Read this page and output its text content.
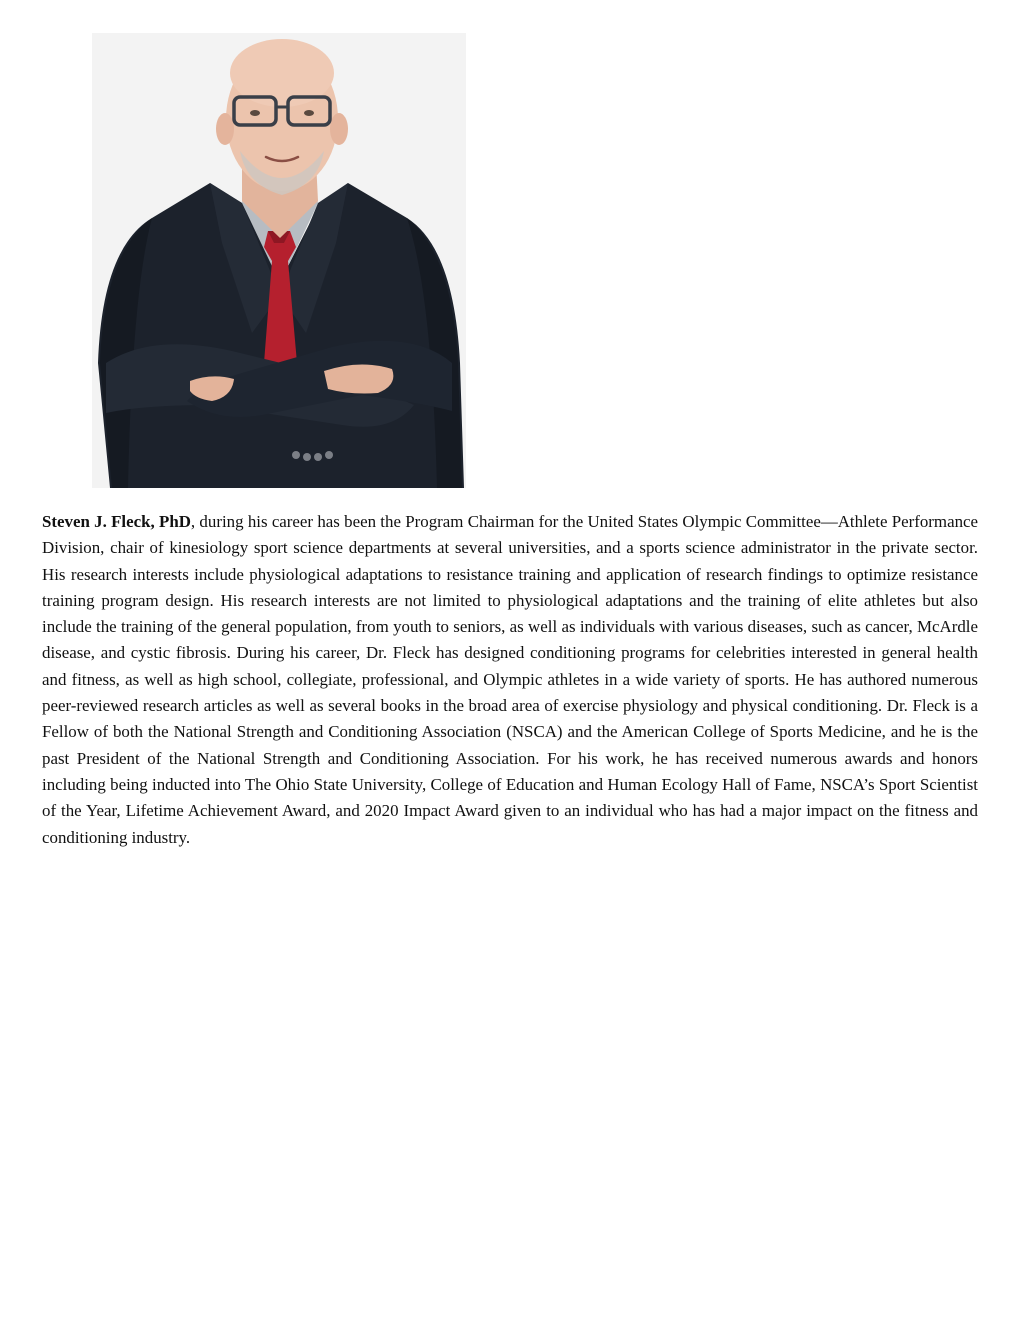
Steven J. Fleck, PhD, during his career has been the Program Chairman for the United States Olympic Committee—Athlete Performance Division, chair of kinesiology sport science departments at several universities, and a sports science administrator in the private sector. His research interests include physiological adaptations to resistance training and application of research findings to optimize resistance training program design. His research interests are not limited to physiological adaptations and the training of elite athletes but also include the training of the general population, from youth to seniors, as well as individuals with various diseases, such as cancer, McArdle disease, and cystic fibrosis. During his career, Dr. Fleck has designed conditioning programs for celebrities interested in general health and fitness, as well as high school, collegiate, professional, and Olympic athletes in a wide variety of sports. He has authored numerous peer-reviewed research articles as well as several books in the broad area of exercise physiology and physical conditioning. Dr. Fleck is a Fellow of both the National Strength and Conditioning Association (NSCA) and the American College of Sports Medicine, and he is the past President of the National Strength and Conditioning Association. For his work, he has received numerous awards and honors including being inducted into The Ohio State University, College of Education and Human Ecology Hall of Fame, NSCA’s Sport Scientist of the Year, Lifetime Achievement Award, and 2020 Impact Award given to an individual who has had a major impact on the fitness and conditioning industry.
